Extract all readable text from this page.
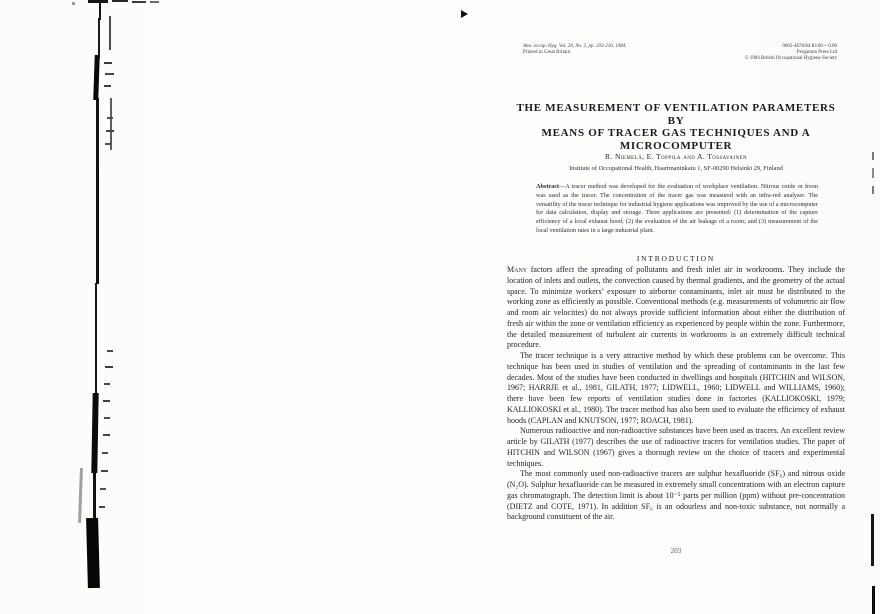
Ann. occup. Hyg. Vol. 28, No. 2, pp. 203-210, 1984.
Printed in Great Britain
0003-4878/84 $3.00 + 0.00
Pergamon Press Ltd
© 1984 British Occupational Hygiene Society
THE MEASUREMENT OF VENTILATION PARAMETERS BY
MEANS OF TRACER GAS TECHNIQUES AND A
MICROCOMPUTER
R. Niemelä, E. Toppila and A. Tossavainen
Institute of Occupational Health, Haartmaninkatu 1, SF-00290 Helsinki 29, Finland
Abstract—A tracer method was developed for the evaluation of workplace ventilation. Nitrous oxide or freon was used as the tracer. The concentration of the tracer gas was measured with an infra-red analyser. The versatility of the tracer technique for industrial hygiene applications was improved by the use of a microcomputer for data calculation, display and storage. Three applications are presented: (1) determination of the capture efficiency of a local exhaust hood; (2) the evaluation of the air leakage of a room; and (3) measurement of the local ventilation rates in a large industrial plant.
INTRODUCTION

Many factors affect the spreading of pollutants and fresh inlet air in workrooms. They include the location of inlets and outlets, the convection caused by thermal gradients, and the geometry of the actual space. To minimize workers’ exposure to airborne contaminants, inlet air must be distributed to the working zone as efficiently as possible. Conventional methods (e.g. measurements of volumetric air flow and room air velocities) do not always provide sufficient information about either the distribution of fresh air within the zone or ventilation efficiency as experienced by people within the zone. Furthermore, the detailed measurement of turbulent air currents in workrooms is an extremely difficult technical procedure.

The tracer technique is a very attractive method by which these problems can be overcome. This technique has been used in studies of ventilation and the spreading of contaminants in the last few decades. Most of the studies have been conducted in dwellings and hospitals (HITCHIN and WILSON, 1967; HARRJE et al., 1981, GILATH, 1977; LIDWELL, 1960; LIDWELL and WILLIAMS, 1960); there have been few reports of ventilation studies done in factories (KALLIOKOSKI, 1979; KALLIOKOSKI et al., 1980). The tracer method has also been used to evaluate the efficiency of exhaust hoods (CAPLAN and KNUTSON, 1977; ROACH, 1981).

Numerous radioactive and non-radioactive substances have been used as tracers. An excellent review article by GILATH (1977) describes the use of radioactive tracers for ventilation studies. The paper of HITCHIN and WILSON (1967) gives a thorough review on the choice of tracers and experimental techniques.

The most commonly used non-radioactive tracers are sulphur hexafluoride (SF₆) and nitrous oxide (N₂O). Sulphur hexafluoride can be measured in extremely small concentrations with an electron capture gas chromatograph. The detection limit is about 10⁻⁵ parts per million (ppm) without pre-concentration (DIETZ and COTE, 1971). In addition SF₆ is an odourless and non-toxic substance, not normally a background constituent of the air.

203
